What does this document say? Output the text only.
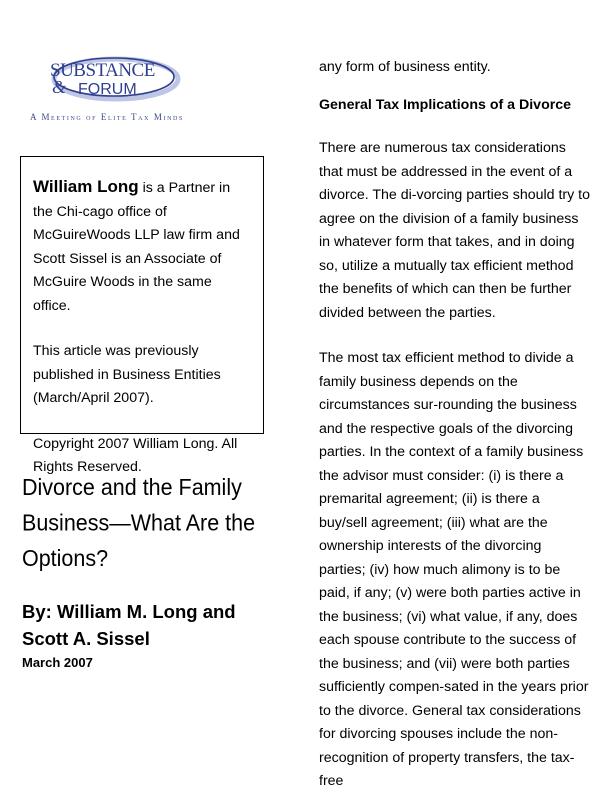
SUBSTANCE
& FORUM
A Meeting of Elite Tax Minds

William Long is a Partner in the Chi-cago office of McGuireWoods LLP law firm and Scott Sissel is an Associate of McGuire Woods in the same office.

This article was previously published in Business Entities (March/April 2007).

Copyright 2007 William Long. All Rights Reserved.

Divorce and the Family Business—What Are the Options?
By: William M. Long and
Scott A. Sissel
March 2007

any form of business entity.

General Tax Implications of a Divorce

There are numerous tax considerations that must be addressed in the event of a divorce. The di-vorcing parties should try to agree on the division of a family business in whatever form that takes, and in doing so, utilize a mutually tax efficient method the benefits of which can then be further divided between the parties.

The most tax efficient method to divide a family business depends on the circumstances sur-rounding the business and the respective goals of the divorcing parties. In the context of a family business the advisor must consider: (i) is there a premarital agreement; (ii) is there a buy/sell agreement; (iii) what are the ownership interests of the divorcing parties; (iv) how much alimony is to be paid, if any; (v) were both parties active in the business; (vi) what value, if any, does each spouse contribute to the success of the business; and (vii) were both parties sufficiently compen-sated in the years prior to the divorce. General tax considerations for divorcing spouses include the non-recognition of property transfers, the tax-free
